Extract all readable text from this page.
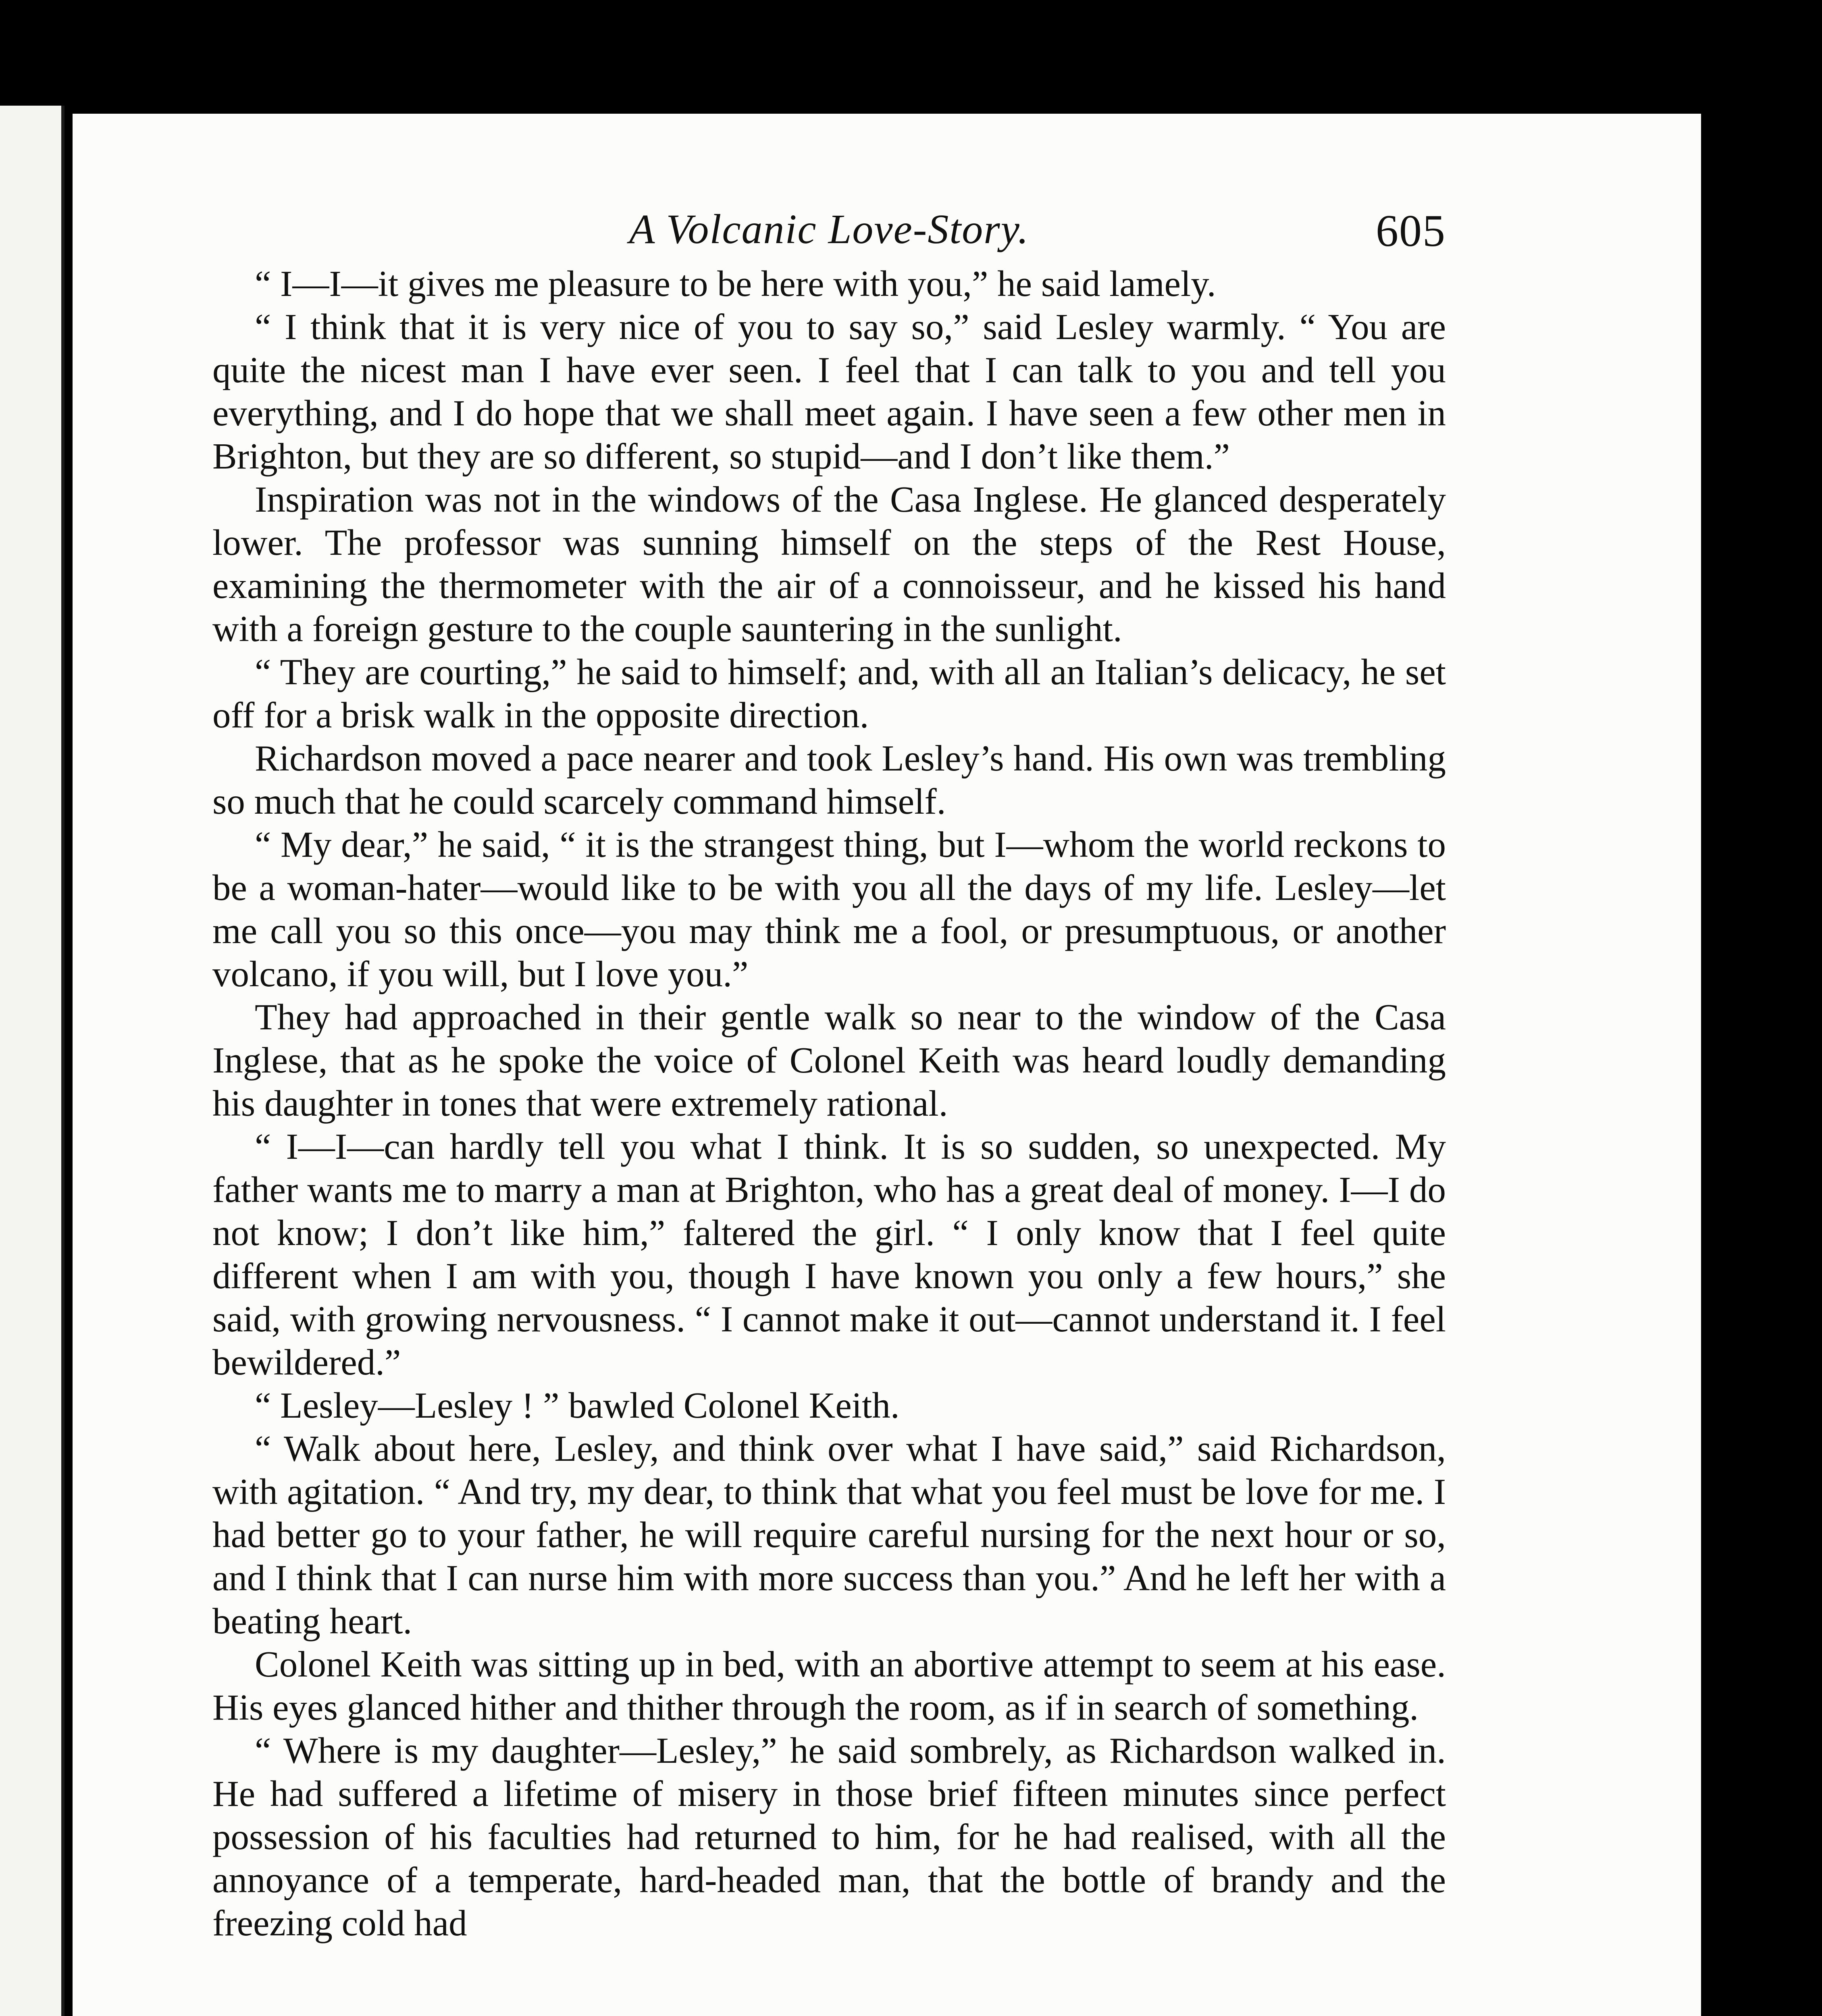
A Volcanic Love-Story.	605

“ I—I—it gives me pleasure to be here with you,” he said lamely.

“ I think that it is very nice of you to say so,” said Lesley warmly. “ You are quite the nicest man I have ever seen. I feel that I can talk to you and tell you everything, and I do hope that we shall meet again. I have seen a few other men in Brighton, but they are so different, so stupid—and I don’t like them.”

Inspiration was not in the windows of the Casa Inglese. He glanced desperately lower. The professor was sunning himself on the steps of the Rest House, examining the thermometer with the air of a connoisseur, and he kissed his hand with a foreign gesture to the couple sauntering in the sunlight.

“ They are courting,” he said to himself; and, with all an Italian’s delicacy, he set off for a brisk walk in the opposite direction.

Richardson moved a pace nearer and took Lesley’s hand. His own was trembling so much that he could scarcely command himself.

“ My dear,” he said, “ it is the strangest thing, but I—whom the world reckons to be a woman-hater—would like to be with you all the days of my life. Lesley—let me call you so this once—you may think me a fool, or presumptuous, or another volcano, if you will, but I love you.”

They had approached in their gentle walk so near to the window of the Casa Inglese, that as he spoke the voice of Colonel Keith was heard loudly demanding his daughter in tones that were extremely rational.

“ I—I—can hardly tell you what I think. It is so sudden, so unexpected. My father wants me to marry a man at Brighton, who has a great deal of money. I—I do not know; I don’t like him,” faltered the girl. “ I only know that I feel quite different when I am with you, though I have known you only a few hours,” she said, with growing nervousness. “ I cannot make it out—cannot understand it. I feel bewildered.”

“ Lesley—Lesley ! ” bawled Colonel Keith.

“ Walk about here, Lesley, and think over what I have said,” said Richardson, with agitation. “ And try, my dear, to think that what you feel must be love for me. I had better go to your father, he will require careful nursing for the next hour or so, and I think that I can nurse him with more success than you.” And he left her with a beating heart.

Colonel Keith was sitting up in bed, with an abortive attempt to seem at his ease. His eyes glanced hither and thither through the room, as if in search of something.

“ Where is my daughter—Lesley,” he said sombrely, as Richardson walked in. He had suffered a lifetime of misery in those brief fifteen minutes since perfect possession of his faculties had returned to him, for he had realised, with all the annoyance of a temperate, hard-headed man, that the bottle of brandy and the freezing cold had
